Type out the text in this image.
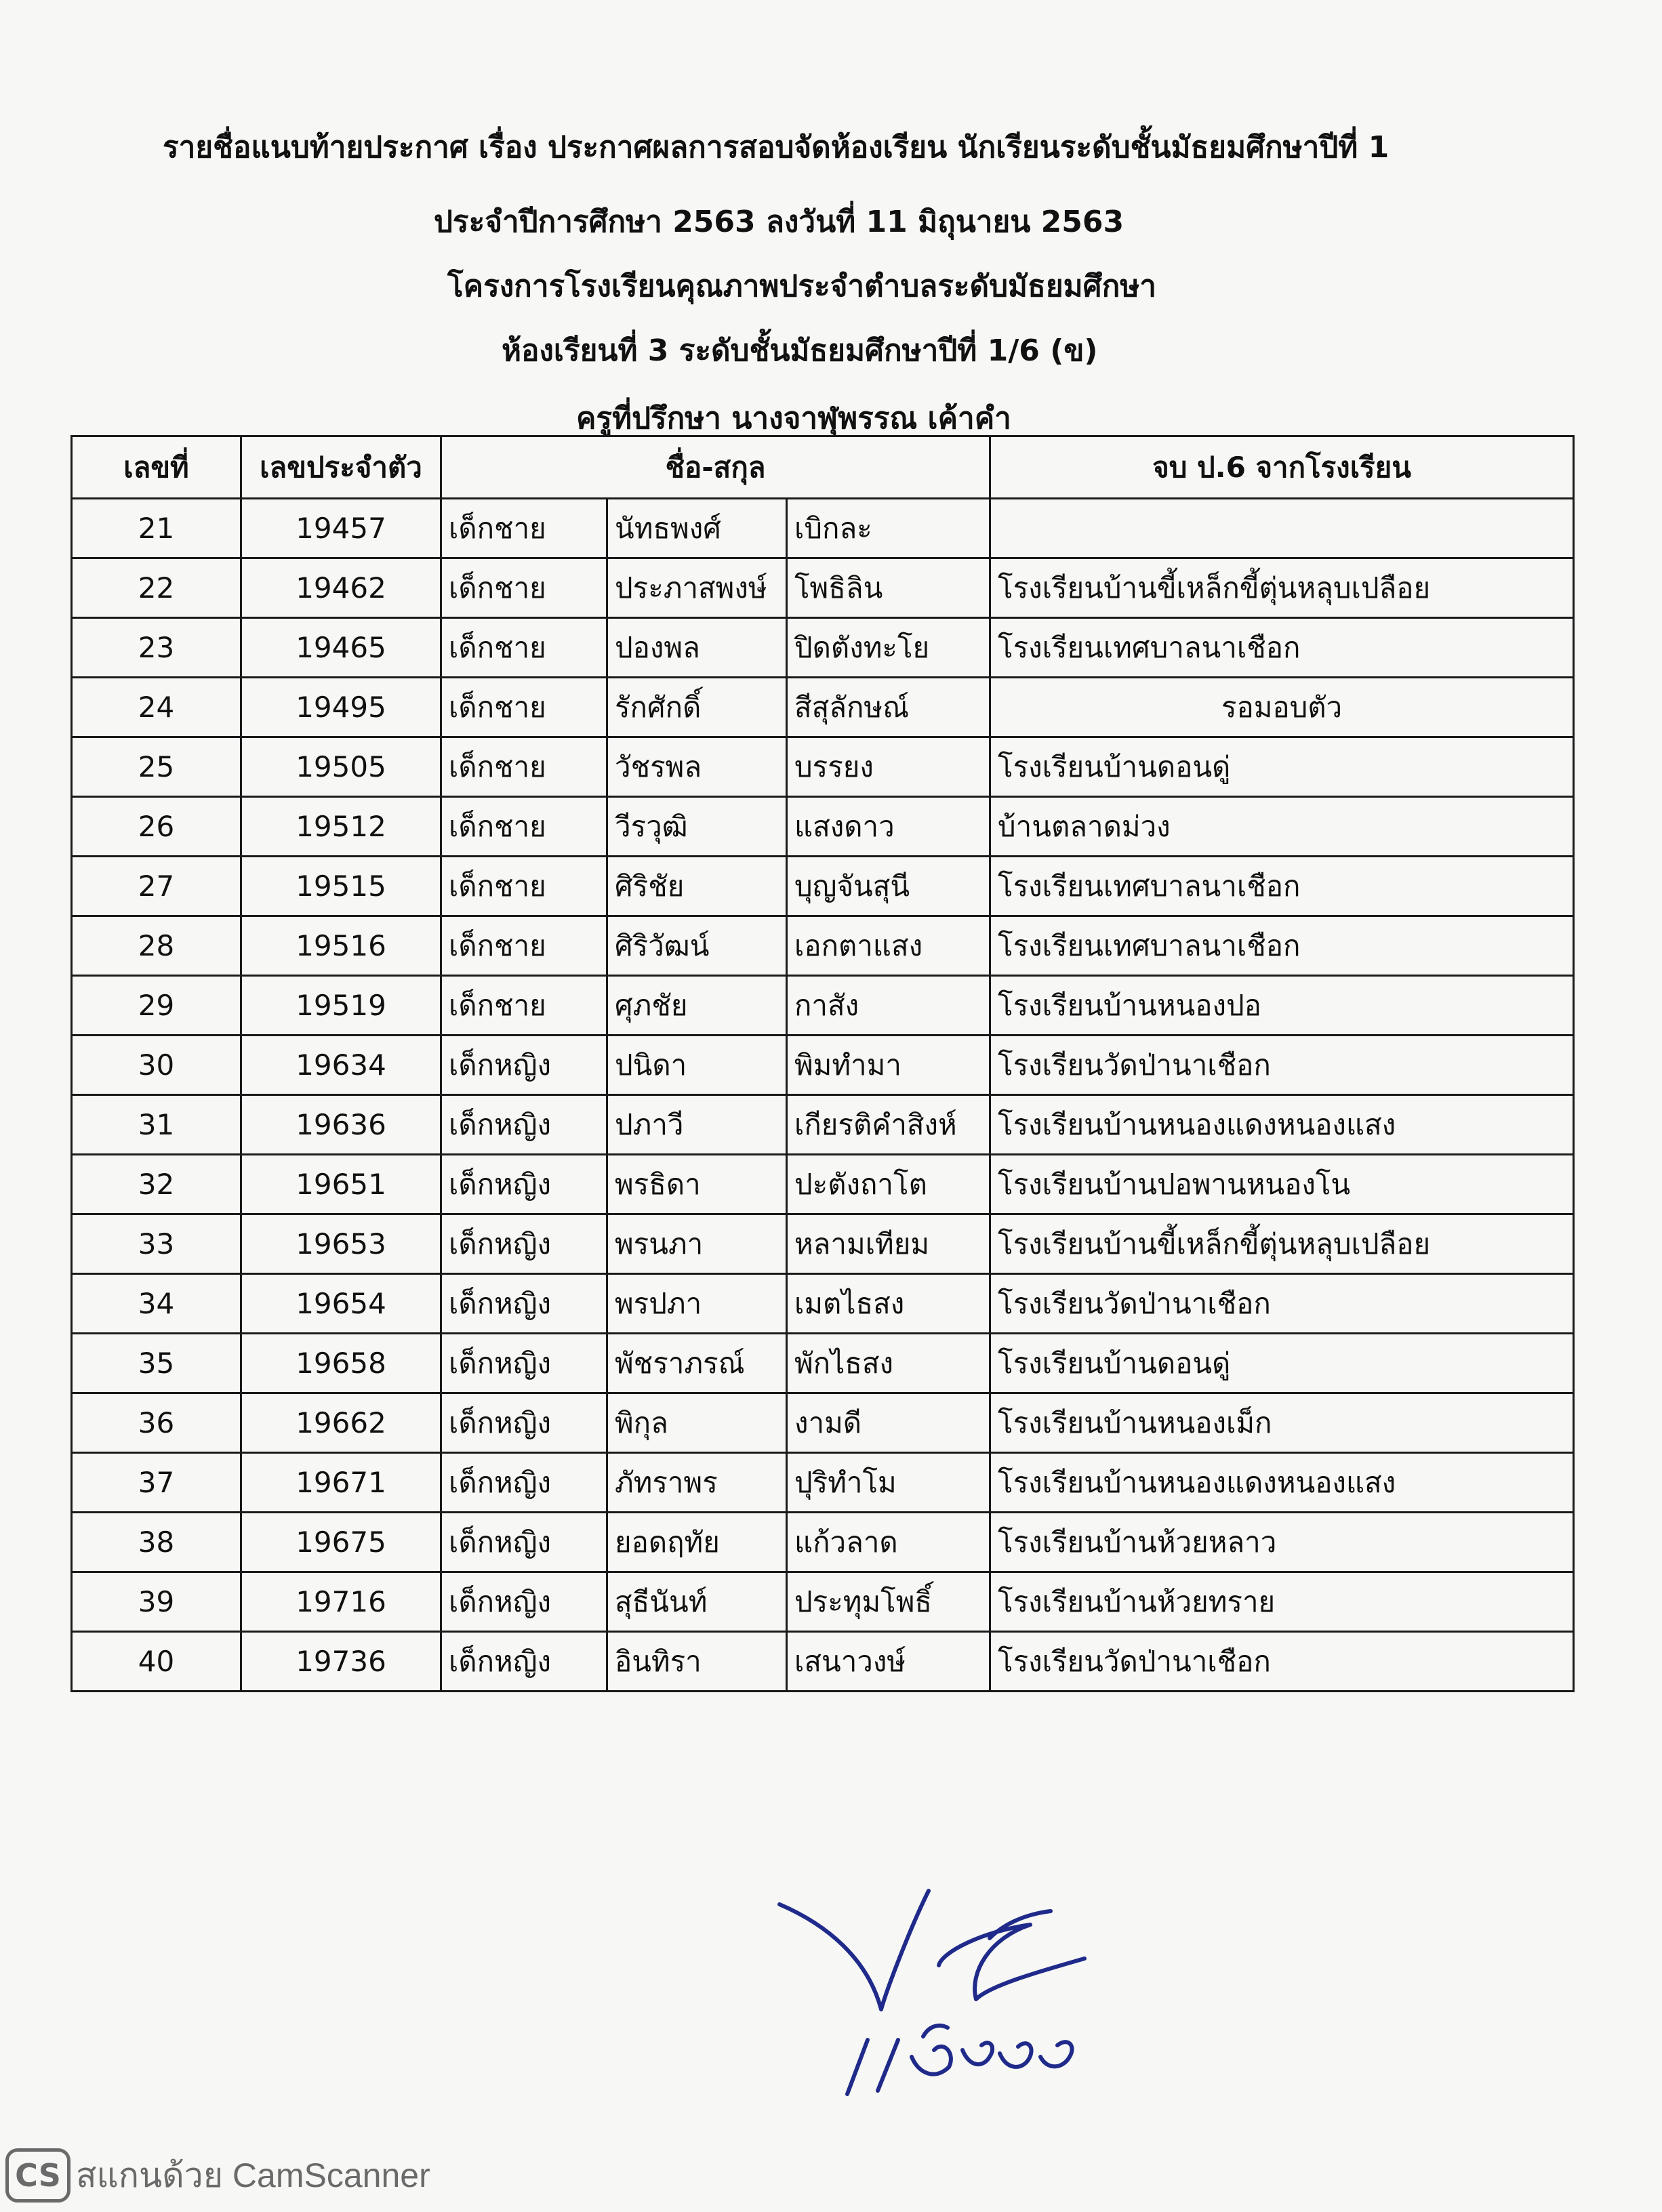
รายชื่อแนบท้ายประกาศ เรื่อง ประกาศผลการสอบจัดห้องเรียน นักเรียนระดับชั้นมัธยมศึกษาปีที่ 1
ประจำปีการศึกษา 2563 ลงวันที่ 11 มิถุนายน 2563
โครงการโรงเรียนคุณภาพประจำตำบลระดับมัธยมศึกษา
ห้องเรียนที่ 3 ระดับชั้นมัธยมศึกษาปีที่ 1/6 (ข)
ครูที่ปรึกษา นางจาฬุพรรณ เค้าคำ
เลขที่	เลขประจำตัว	ชื่อ-สกุล			จบ ป.6 จากโรงเรียน
21	19457	เด็กชาย	นัทธพงศ์	เบิกละ	
22	19462	เด็กชาย	ประภาสพงษ์	โพธิลิน	โรงเรียนบ้านขี้เหล็กขี้ตุ่นหลุบเปลือย
23	19465	เด็กชาย	ปองพล	ปิดตังทะโย	โรงเรียนเทศบาลนาเชือก
24	19495	เด็กชาย	รักศักดิ์	สีสุลักษณ์	รอมอบตัว
25	19505	เด็กชาย	วัชรพล	บรรยง	โรงเรียนบ้านดอนดู่
26	19512	เด็กชาย	วีรวุฒิ	แสงดาว	บ้านตลาดม่วง
27	19515	เด็กชาย	ศิริชัย	บุญจันสุนี	โรงเรียนเทศบาลนาเชือก
28	19516	เด็กชาย	ศิริวัฒน์	เอกตาแสง	โรงเรียนเทศบาลนาเชือก
29	19519	เด็กชาย	ศุภชัย	กาสัง	โรงเรียนบ้านหนองปอ
30	19634	เด็กหญิง	ปนิดา	พิมทำมา	โรงเรียนวัดป่านาเชือก
31	19636	เด็กหญิง	ปภาวี	เกียรติคำสิงห์	โรงเรียนบ้านหนองแดงหนองแสง
32	19651	เด็กหญิง	พรธิดา	ปะตังถาโต	โรงเรียนบ้านปอพานหนองโน
33	19653	เด็กหญิง	พรนภา	หลามเทียม	โรงเรียนบ้านขี้เหล็กขี้ตุ่นหลุบเปลือย
34	19654	เด็กหญิง	พรปภา	เมตไธสง	โรงเรียนวัดป่านาเชือก
35	19658	เด็กหญิง	พัชราภรณ์	พักไธสง	โรงเรียนบ้านดอนดู่
36	19662	เด็กหญิง	พิกุล	งามดี	โรงเรียนบ้านหนองเม็ก
37	19671	เด็กหญิง	ภัทราพร	ปุริทำโม	โรงเรียนบ้านหนองแดงหนองแสง
38	19675	เด็กหญิง	ยอดฤทัย	แก้วลาด	โรงเรียนบ้านห้วยหลาว
39	19716	เด็กหญิง	สุธีนันท์	ประทุมโพธิ์	โรงเรียนบ้านห้วยทราย
40	19736	เด็กหญิง	อินทิรา	เสนาวงษ์	โรงเรียนวัดป่านาเชือก
CS สแกนด้วย CamScanner
